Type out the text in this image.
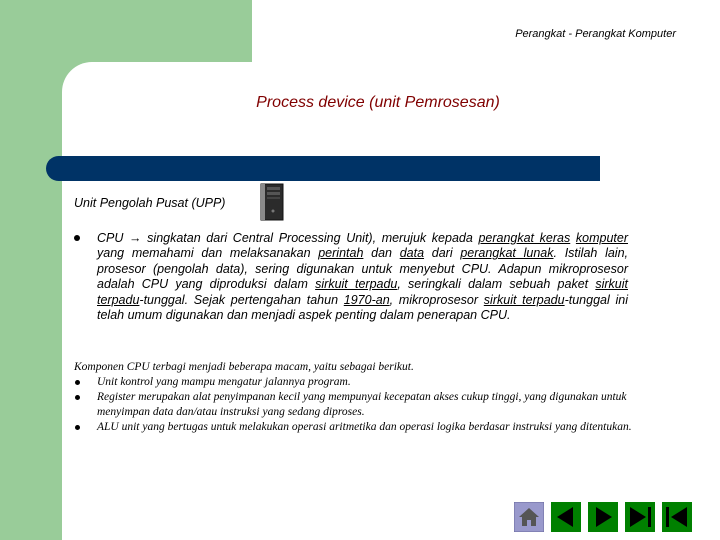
Perangkat - Perangkat Komputer
Process device (unit Pemrosesan)
Unit Pengolah Pusat (UPP)
CPU → singkatan dari Central Processing Unit), merujuk kepada perangkat keras komputer yang memahami dan melaksanakan perintah dan data dari perangkat lunak. Istilah lain, prosesor (pengolah data), sering digunakan untuk menyebut CPU. Adapun mikroprosesor adalah CPU yang diproduksi dalam sirkuit terpadu, seringkali dalam sebuah paket sirkuit terpadu-tunggal. Sejak pertengahan tahun 1970-an, mikroprosesor sirkuit terpadu-tunggal ini telah umum digunakan dan menjadi aspek penting dalam penerapan CPU.
Komponen CPU terbagi menjadi beberapa macam, yaitu sebagai berikut.
Unit kontrol yang mampu mengatur jalannya program.
Register merupakan alat penyimpanan kecil yang mempunyai kecepatan akses cukup tinggi, yang digunakan untuk menyimpan data dan/atau instruksi yang sedang diproses.
ALU unit yang bertugas untuk melakukan operasi aritmetika dan operasi logika berdasar instruksi yang ditentukan.
